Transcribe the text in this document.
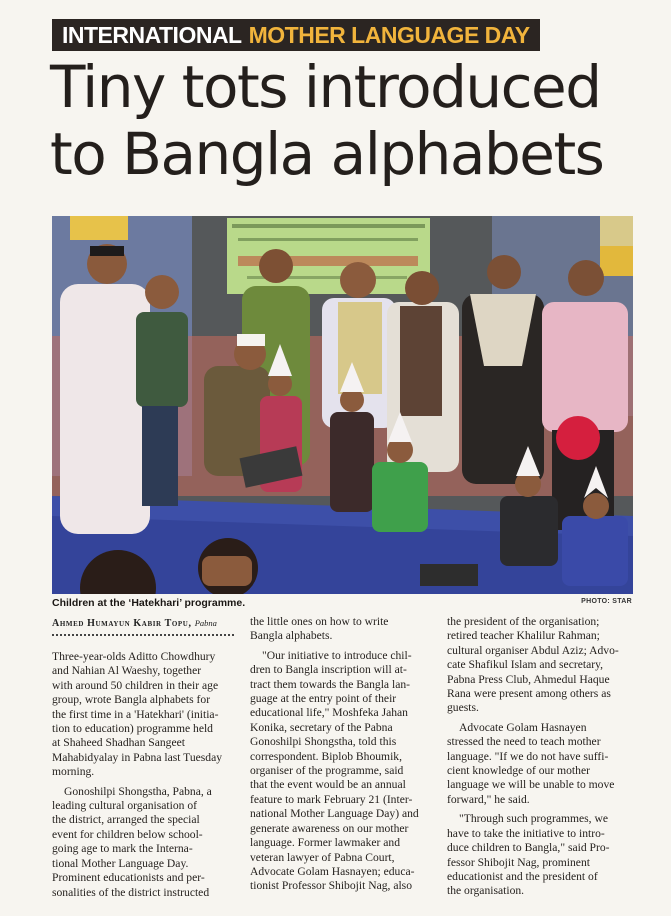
INTERNATIONAL MOTHER LANGUAGE DAY
Tiny tots introduced
to Bangla alphabets
Children at the ‘Hatekhari’ programme.	PHOTO: STAR
Ahmed Humayun Kabir Topu, Pabna

Three-year-olds Aditto Chowdhury
and Nahian Al Waeshy, together
with around 50 children in their age
group, wrote Bangla alphabets for
the first time in a 'Hatekhari' (initia-
tion to education) programme held
at Shaheed Shadhan Sangeet
Mahabidyalay in Pabna last Tuesday
morning.

Gonoshilpi Shongstha, Pabna, a
leading cultural organisation of
the district, arranged the special
event for children below school-
going age to mark the Interna-
tional Mother Language Day.
Prominent educationists and per-
sonalities of the district instructed

the little ones on how to write
Bangla alphabets.

"Our initiative to introduce chil-
dren to Bangla inscription will at-
tract them towards the Bangla lan-
guage at the entry point of their
educational life," Moshfeka Jahan
Konika, secretary of the Pabna
Gonoshilpi Shongstha, told this
correspondent. Biplob Bhoumik,
organiser of the programme, said
that the event would be an annual
feature to mark February 21 (Inter-
national Mother Language Day) and
generate awareness on our mother
language. Former lawmaker and
veteran lawyer of Pabna Court,
Advocate Golam Hasnayen; educa-
tionist Professor Shibojit Nag, also

the president of the organisation;
retired teacher Khalilur Rahman;
cultural organiser Abdul Aziz; Advo-
cate Shafikul Islam and secretary,
Pabna Press Club, Ahmedul Haque
Rana were present among others as
guests.

Advocate Golam Hasnayen
stressed the need to teach mother
language. "If we do not have suffi-
cient knowledge of our mother
language we will be unable to move
forward," he said.

"Through such programmes, we
have to take the initiative to intro-
duce children to Bangla," said Pro-
fessor Shibojit Nag, prominent
educationist and the president of
the organisation.
